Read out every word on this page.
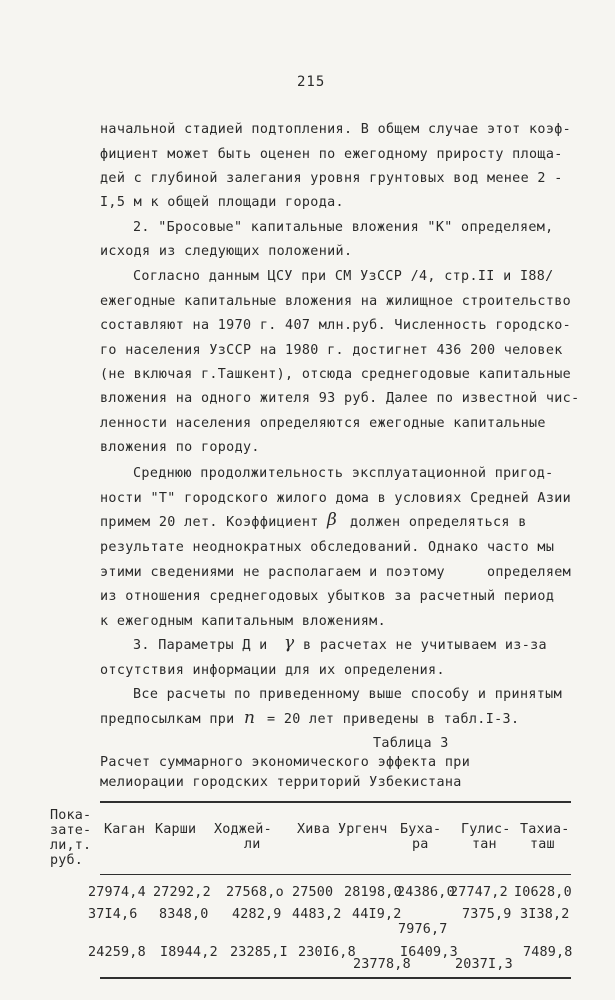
215
начальной стадией подтопления. В общем случае этот коэф-
фициент может быть оценен по ежегодному приросту площа-
дей с глубиной залегания уровня грунтовых вод менее 2 -
I,5 м к общей площади города.
2. "Бросовые" капитальные вложения "К" определяем,
исходя из следующих положений.
Согласно данным ЦСУ при СМ УзССР /4, стр.II и I88/
ежегодные капитальные вложения на жилищное строительство
составляют на 1970 г. 407 млн.руб. Численность городско-
го населения УзССР на 1980 г. достигнет 436 200 человек
(не включая г.Ташкент), отсюда среднегодовые капитальные
вложения на одного жителя 93 руб. Далее по известной чис-
ленности населения определяются ежегодные капитальные
вложения по городу.
Среднюю продолжительность эксплуатационной пригод-
ности "Т" городского жилого дома в условиях Средней Азии
примем 20 лет. Коэффициент β должен определяться в
результате неоднократных обследований. Однако часто мы
этими сведениями не располагаем и поэтому     определяем
из отношения среднегодовых убытков за расчетный период
к ежегодным капитальным вложениям.
3. Параметры Д и γ в расчетах не учитываем из-за
отсутствия информации для их определения.
Все расчеты по приведенному выше способу и принятым
предпосылкам при n = 20 лет приведены в табл.I-3.
Таблица 3
Расчет суммарного экономического эффекта при
мелиорации городских территорий Узбекистана
Пока-
зате-
ли,т.
руб.
Каган Карши Ходжей-
ли
Хива Ургенч Буха-
ра
Гулис-
тан
Тахиа-
таш
27974,4 27292,2 27568,o 27500 28198,0
24386,0
27747,2 I0628,0
37I4,6 8348,0 4282,9 4483,2 44I9,2
7976,7
7375,9 3I38,2
24259,8 I8944,2 23285,I 230I6,8
23778,8
I6409,3
2037I,3
7489,8
